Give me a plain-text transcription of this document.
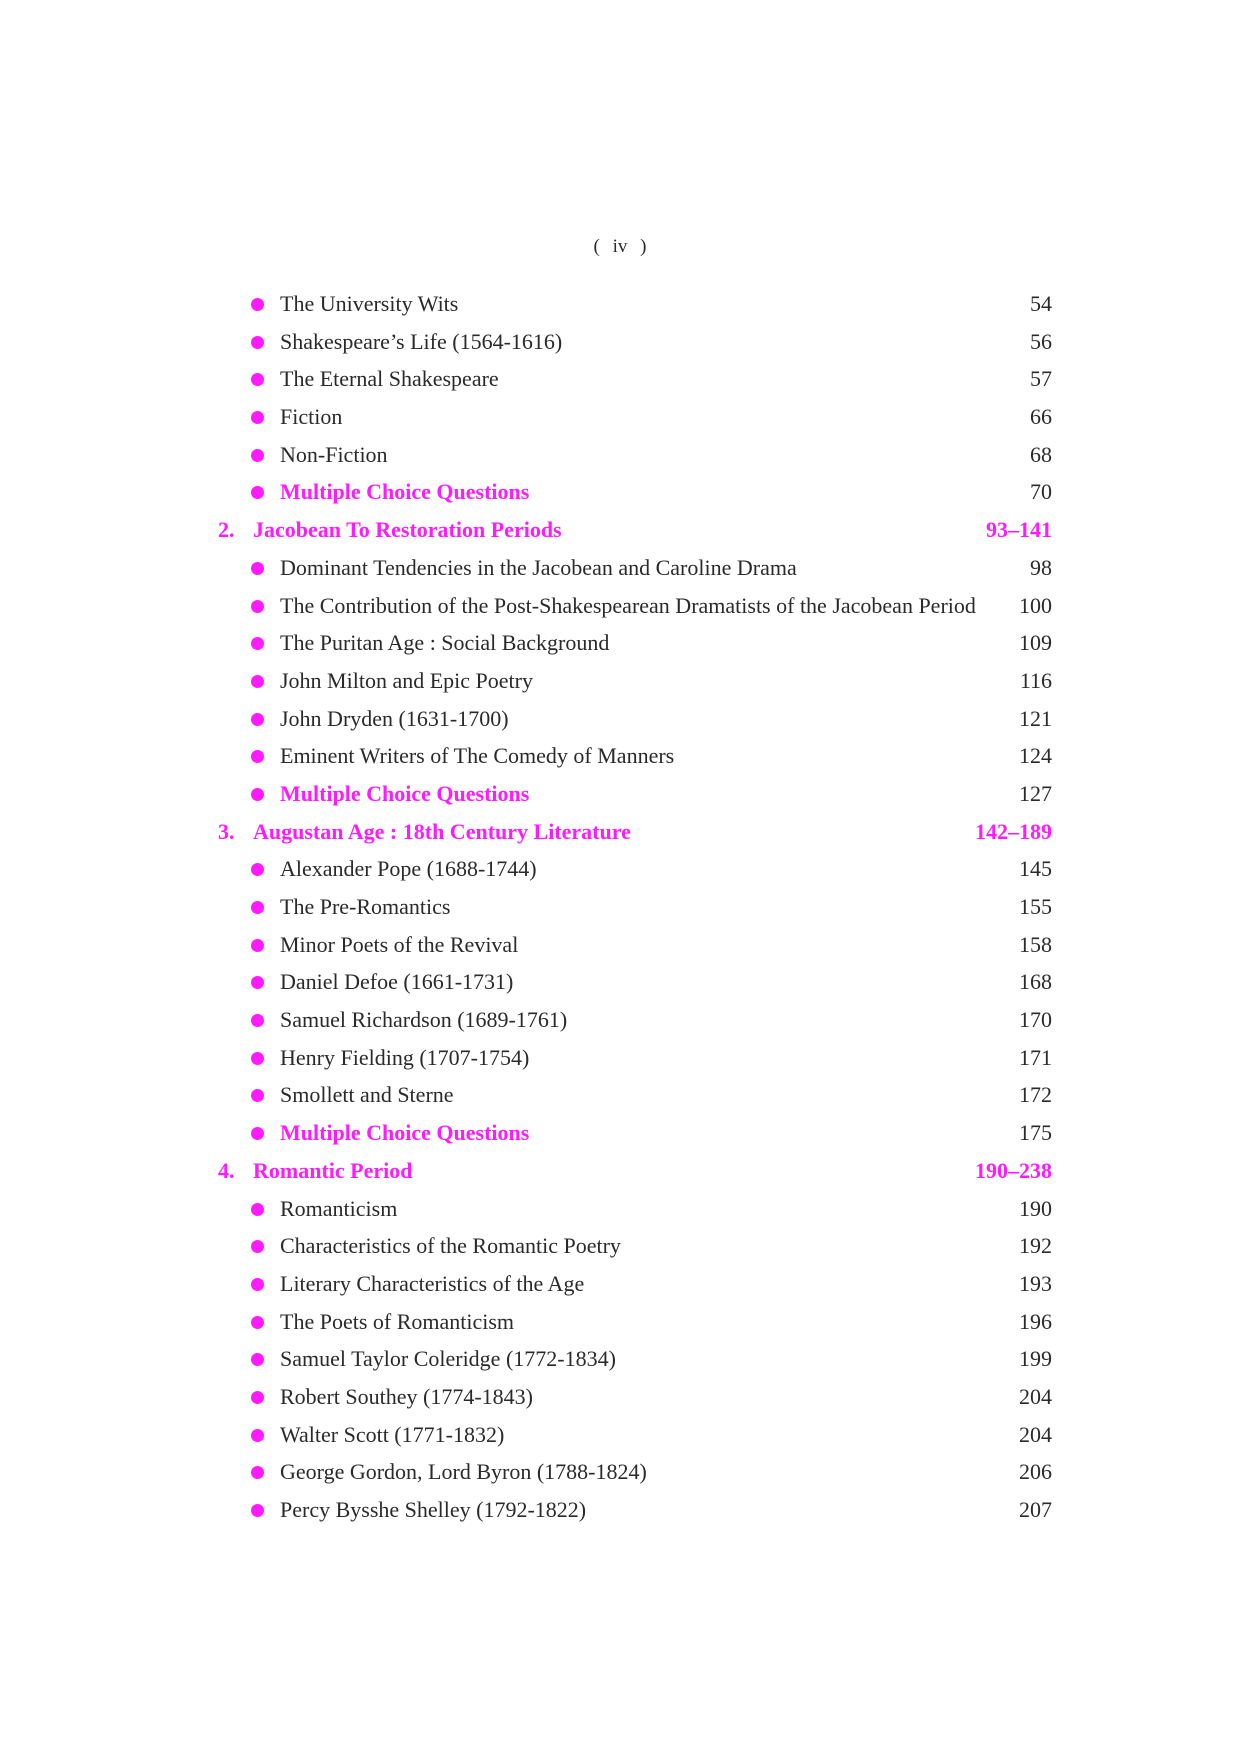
( iv )
The University Wits	54
Shakespeare’s Life (1564-1616)	56
The Eternal Shakespeare	57
Fiction	66
Non-Fiction	68
Multiple Choice Questions	70
2. Jacobean To Restoration Periods	93–141
Dominant Tendencies in the Jacobean and Caroline Drama	98
The Contribution of the Post-Shakespearean Dramatists of the Jacobean Period 100
The Puritan Age : Social Background	109
John Milton and Epic Poetry	116
John Dryden (1631-1700)	121
Eminent Writers of The Comedy of Manners	124
Multiple Choice Questions	127
3. Augustan Age : 18th Century Literature	142–189
Alexander Pope (1688-1744)	145
The Pre-Romantics	155
Minor Poets of the Revival	158
Daniel Defoe (1661-1731)	168
Samuel Richardson (1689-1761)	170
Henry Fielding (1707-1754)	171
Smollett and Sterne	172
Multiple Choice Questions	175
4. Romantic Period	190–238
Romanticism	190
Characteristics of the Romantic Poetry	192
Literary Characteristics of the Age	193
The Poets of Romanticism	196
Samuel Taylor Coleridge (1772-1834)	199
Robert Southey (1774-1843)	204
Walter Scott (1771-1832)	204
George Gordon, Lord Byron (1788-1824)	206
Percy Bysshe Shelley (1792-1822)	207
